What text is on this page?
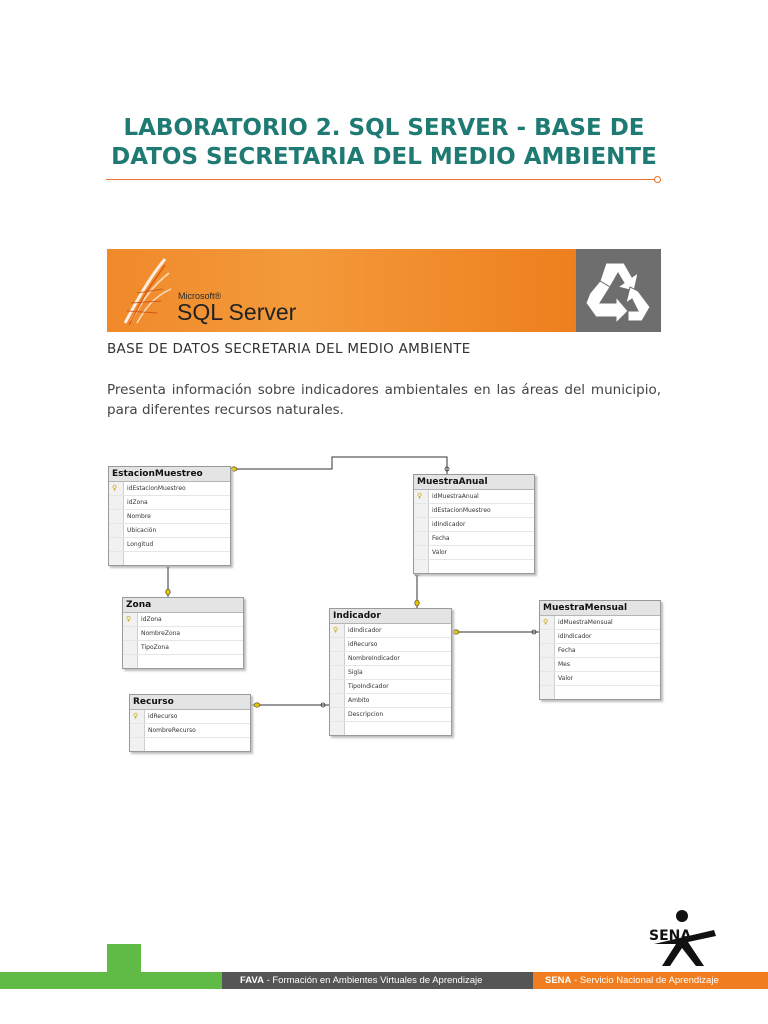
LABORATORIO 2. SQL SERVER - BASE DE
DATOS SECRETARIA DEL MEDIO AMBIENTE
Microsoft®
SQL Server
BASE DE DATOS SECRETARIA DEL MEDIO AMBIENTE
Presenta información sobre indicadores ambientales en las áreas del municipio, para diferentes recursos naturales.
EstacionMuestreo
♀ idEstacionMuestreo
idZona
Nombre
Ubicación
Longitud
MuestraAnual
♀ idMuestraAnual
idEstacionMuestreo
idIndicador
Fecha
Valor
Zona
♀ idZona
NombreZona
TipoZona
Indicador
♀ idIndicador
idRecurso
NombreIndicador
Sigla
TipoIndicador
Ambito
Descripcion
MuestraMensual
♀ idMuestraMensual
idIndicador
Fecha
Mes
Valor
Recurso
♀ idRecurso
NombreRecurso
SENA
FAVA - Formación en Ambientes Virtuales de Aprendizaje	SENA - Servicio Nacional de Aprendizaje
